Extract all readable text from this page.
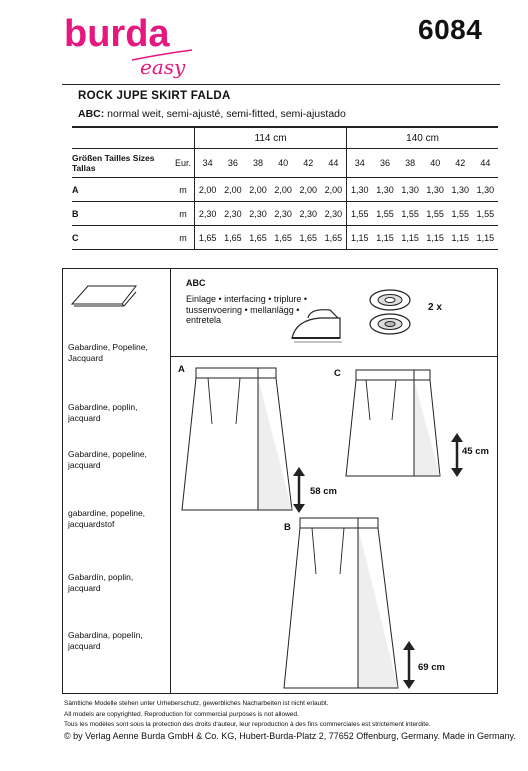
burda
easy
6084
ROCK JUPE SKIRT FALDA
ABC: normal weit, semi-ajusté, semi-fitted, semi-ajustado
		114 cm						140 cm					
Größen Tailles Sizes Tallas	Eur.	34	36	38	40	42	44	34	36	38	40	42	44
A	m	2,00	2,00	2,00	2,00	2,00	2,00	1,30	1,30	1,30	1,30	1,30	1,30
B	m	2,30	2,30	2,30	2,30	2,30	2,30	1,55	1,55	1,55	1,55	1,55	1,55
C	m	1,65	1,65	1,65	1,65	1,65	1,65	1,15	1,15	1,15	1,15	1,15	1,15
Gabardine, Popeline,
Jacquard
Gabardine, poplin,
jacquard
Gabardine, popeline,
jacquard
gabardine, popeline,
jacquardstof
Gabardín, poplin,
jacquard
Gabardina, popelín,
jacquard
ABC
Einlage • interfacing • triplure •
tussenvoering • mellanlägg •
entretela
2 x
A	C
B
58 cm
45 cm
69 cm
Sämtliche Modelle stehen unter Urheberschutz, gewerbliches Nacharbeiten ist nicht erlaubt.
All models are copyrighted. Reproduction for commercial purposes is not allowed.
Tous les modèles sont sous la protection des droits d'auteur, leur reproduction à des fins commerciales est strictement interdite.
© by Verlag Aenne Burda GmbH & Co. KG, Hubert-Burda-Platz 2, 77652 Offenburg, Germany. Made in Germany.
